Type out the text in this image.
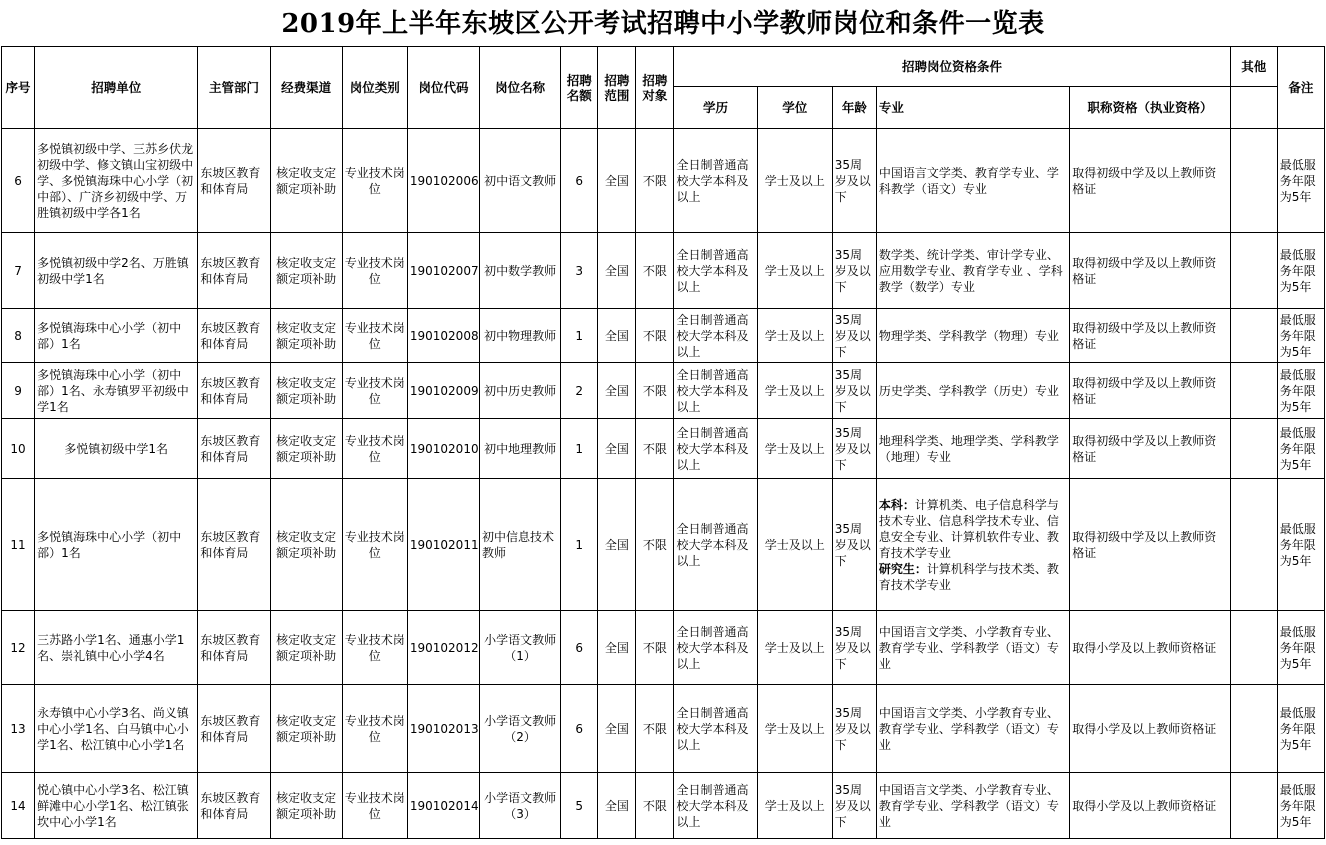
2019年上半年东坡区公开考试招聘中小学教师岗位和条件一览表
序号	招聘单位	主管部门	经费渠道	岗位类别	岗位代码	岗位名称	招聘名额	招聘范围	招聘对象	招聘岗位资格条件					其他	备注
										学历	学位	年龄	专业	职称资格（执业资格）		
6	多悦镇初级中学、三苏乡伏龙初级中学、修文镇山宝初级中学、多悦镇海珠中心小学（初中部）、广济乡初级中学、万胜镇初级中学各1名	东坡区教育和体育局	核定收支定额定项补助	专业技术岗位	190102006	初中语文教师	6	全国	不限	全日制普通高校大学本科及以上	学士及以上	35周岁及以下	中国语言文学类、教育学专业、学科教学（语文）专业	取得初级中学及以上教师资格证		最低服务年限为5年
7	多悦镇初级中学2名、万胜镇初级中学1名	东坡区教育和体育局	核定收支定额定项补助	专业技术岗位	190102007	初中数学教师	3	全国	不限	全日制普通高校大学本科及以上	学士及以上	35周岁及以下	数学类、统计学类、审计学专业、应用数学专业、教育学专业 、学科教学（数学）专业	取得初级中学及以上教师资格证		最低服务年限为5年
8	多悦镇海珠中心小学（初中部）1名	东坡区教育和体育局	核定收支定额定项补助	专业技术岗位	190102008	初中物理教师	1	全国	不限	全日制普通高校大学本科及以上	学士及以上	35周岁及以下	物理学类、学科教学（物理）专业	取得初级中学及以上教师资格证		最低服务年限为5年
9	多悦镇海珠中心小学（初中部）1名、永寿镇罗平初级中学1名	东坡区教育和体育局	核定收支定额定项补助	专业技术岗位	190102009	初中历史教师	2	全国	不限	全日制普通高校大学本科及以上	学士及以上	35周岁及以下	历史学类、学科教学（历史）专业	取得初级中学及以上教师资格证		最低服务年限为5年
10	多悦镇初级中学1名	东坡区教育和体育局	核定收支定额定项补助	专业技术岗位	190102010	初中地理教师	1	全国	不限	全日制普通高校大学本科及以上	学士及以上	35周岁及以下	地理科学类、地理学类、学科教学（地理）专业	取得初级中学及以上教师资格证		最低服务年限为5年
11	多悦镇海珠中心小学（初中部）1名	东坡区教育和体育局	核定收支定额定项补助	专业技术岗位	190102011	初中信息技术教师	1	全国	不限	全日制普通高校大学本科及以上	学士及以上	35周岁及以下	本科：计算机类、电子信息科学与技术专业、信息科学技术专业、信息安全专业、计算机软件专业、教育技术学专业
研究生：计算机科学与技术类、教育技术学专业	取得初级中学及以上教师资格证		最低服务年限为5年
12	三苏路小学1名、通惠小学1名、崇礼镇中心小学4名	东坡区教育和体育局	核定收支定额定项补助	专业技术岗位	190102012	小学语文教师（1）	6	全国	不限	全日制普通高校大学本科及以上	学士及以上	35周岁及以下	中国语言文学类、小学教育专业、教育学专业、学科教学（语文）专业	取得小学及以上教师资格证		最低服务年限为5年
13	永寿镇中心小学3名、尚义镇中心小学1名、白马镇中心小学1名、松江镇中心小学1名	东坡区教育和体育局	核定收支定额定项补助	专业技术岗位	190102013	小学语文教师（2）	6	全国	不限	全日制普通高校大学本科及以上	学士及以上	35周岁及以下	中国语言文学类、小学教育专业、教育学专业、学科教学（语文）专业	取得小学及以上教师资格证		最低服务年限为5年
14	悦心镇中心小学3名、松江镇鲜滩中心小学1名、松江镇张坎中心小学1名	东坡区教育和体育局	核定收支定额定项补助	专业技术岗位	190102014	小学语文教师（3）	5	全国	不限	全日制普通高校大学本科及以上	学士及以上	35周岁及以下	中国语言文学类、小学教育专业、教育学专业、学科教学（语文）专业	取得小学及以上教师资格证		最低服务年限为5年
